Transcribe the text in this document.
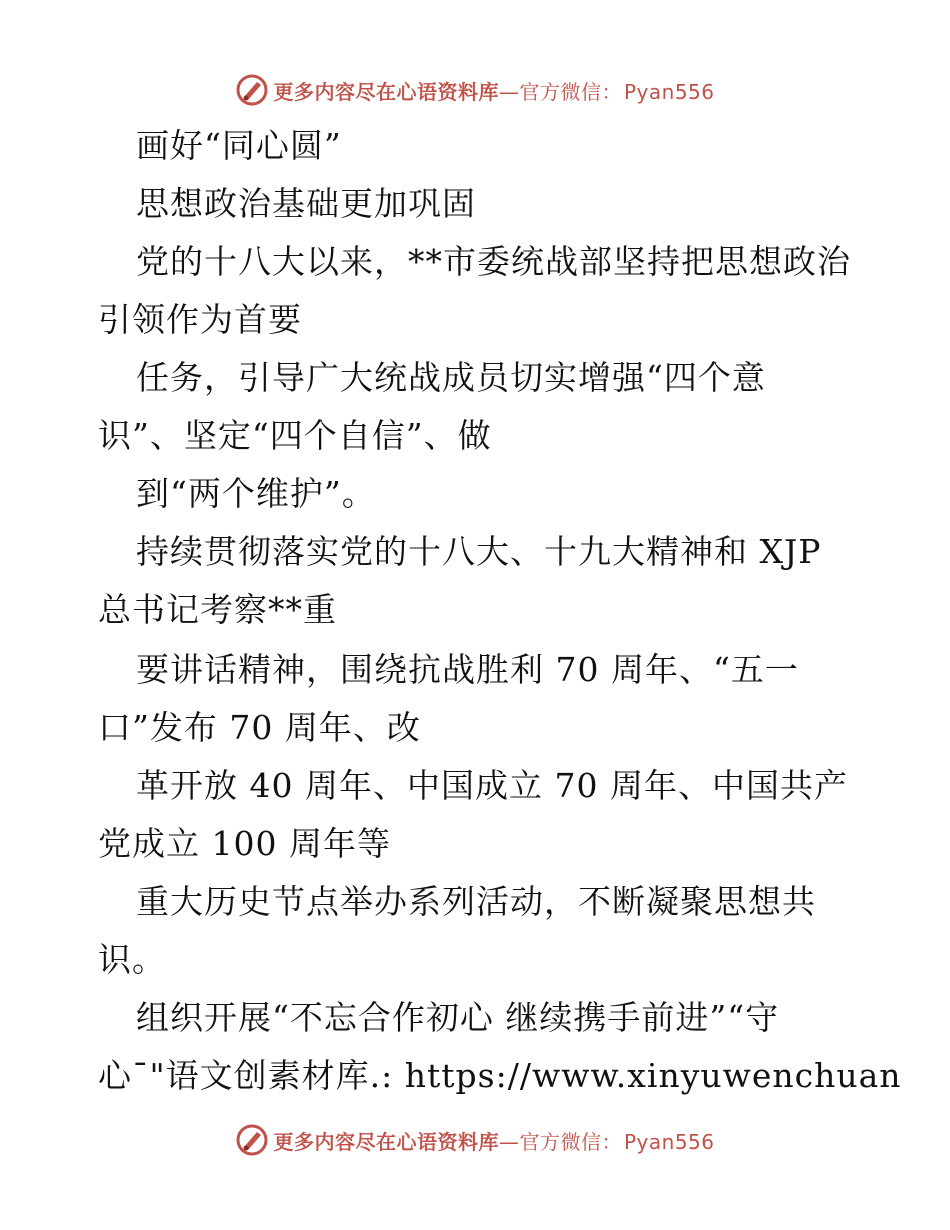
更多内容尽在心语资料库—官方微信： Pyan556
画好“同心圆”
思想政治基础更加巩固
党的十八大以来，**市委统战部坚持把思想政治
引领作为首要
任务，引导广大统战成员切实增强“四个意
识”、坚定“四个自信”、做
到“两个维护”。
持续贯彻落实党的十八大、十九大精神和 XJP
总书记考察**重
要讲话精神，围绕抗战胜利 70 周年、“五一
口”发布 70 周年、改
革开放 40 周年、中国成立 70 周年、中国共产
党成立 100 周年等
重大历史节点举办系列活动，不断凝聚思想共
识。
组织开展“不忘合作初心 继续携手前进”“守
心¯"语文创素材库.: https://www.xinyuwenchuan
更多内容尽在心语资料库—官方微信： Pyan556
